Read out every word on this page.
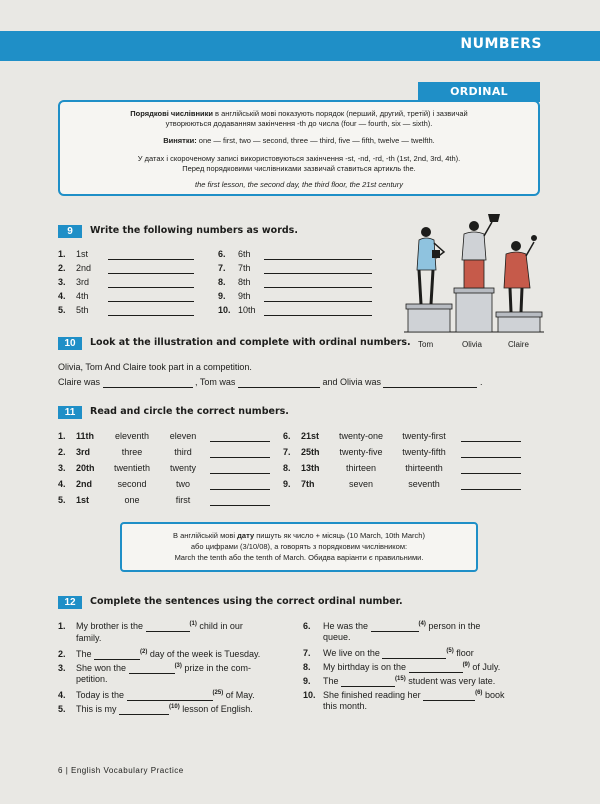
NUMBERS
ORDINAL
Порядкові числівники в англійській мові показують порядок (перший, другий, третій) і зазвичай
утворюються додаванням закінчення -th до числа (four — fourth, six — sixth).
Винятки: one — first, two — second, three — third, five — fifth, twelve — twelfth.
У датах і скороченому записі використовуються закінчення -st, -nd, -rd, -th (1st, 2nd, 3rd, 4th).
Перед порядковими числівниками зазвичай ставиться артикль the.
the first lesson, the second day, the third floor, the 21st century
9	Write the following numbers as words.
1. 1st
2. 2nd
3. 3rd
4. 4th
5. 5th
6. 6th
7. 7th
8. 8th
9. 9th
10. 10th
Tom	Olivia	Claire
10	Look at the illustration and complete with ordinal numbers.
Olivia, Tom And Claire took part in a competition.
Claire was	, Tom was	and Olivia was	.
11	Read and circle the correct numbers.
1. 11th eleventh eleven
2. 3rd	three	third
3. 20th twentieth twenty
4. 2nd	second	two
5. 1st	one	first
6. 21st twenty-one twenty-first
7. 25th twenty-five twenty-fifth
8. 13th	thirteen	thirteenth
9. 7th	seven	seventh
В англійській мові дату пишуть як число + місяць (10 March, 10th March)
або цифрами (3/10/08), а говорять з порядковим числівником:
March the tenth або the tenth of March. Обидва варіанти є правильними.
12	Complete the sentences using the correct ordinal number.
1. My brother is the	$^{(1)}$ child in our
family.
2. The	$^{(2)}$ day of the week is Tuesday.
3. She won the	$^{(3)}$ prize in the com-
petition.
4. Today is the	$^{(25)}$ of May.
5. This is my	$^{(10)}$ lesson of English.
6. He was the	$^{(4)}$ person in the
queue.
7. We live on the	$^{(5)}$ floor
8. My birthday is on the	$^{(9)}$ of July.
9. The	$^{(15)}$ student was very late.
10. She finished reading her	$^{(6)}$ book
this month.
6 | English Vocabulary Practice
